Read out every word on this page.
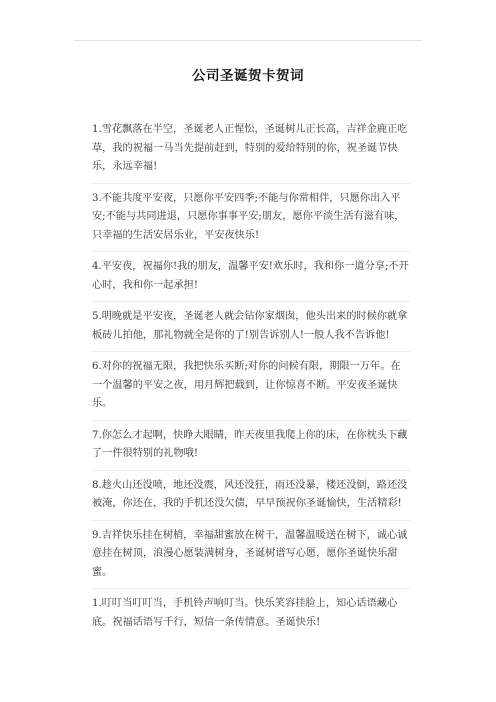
公司圣诞贺卡贺词
1.雪花飘落在半空，圣诞老人正惺忪，圣诞树儿正长高，吉祥金鹿正吃草，我的祝福一马当先提前赶到，特别的爱给特别的你，祝圣诞节快乐，永远幸福!
3.不能共度平安夜，只愿你平安四季;不能与你常相伴，只愿你出入平安;不能与共同进退，只愿你事事平安;朋友，愿你平淡生活有滋有味，只幸福的生活安居乐业，平安夜快乐!
4.平安夜，祝福你!我的朋友，温馨平安!欢乐时，我和你一道分享;不开心时，我和你一起承担!
5.明晚就是平安夜，圣诞老人就会钻你家烟囱，他头出来的时候你就拿板砖儿拍他，那礼物就全是你的了!别告诉别人!一般人我不告诉他!
6.对你的祝福无限，我把快乐买断;对你的问候有限，期限一万年。在一个温馨的平安之夜，用月辉把载到，让你惊喜不断。平安夜圣诞快乐。
7.你怎么才起啊，快睁大眼睛，昨天夜里我爬上你的床，在你枕头下藏了一件很特别的礼物哦!
8.趁火山还没喷，地还没震，风还没狂，雨还没暴，楼还没倒，路还没被淹，你还在，我的手机还没欠债，早早预祝你圣诞愉快，生活精彩!
9.吉祥快乐挂在树梢，幸福甜蜜放在树干，温馨温暖送在树下，诚心诚意挂在树顶，浪漫心愿装满树身，圣诞树谱写心愿，愿你圣诞快乐甜蜜。
1.叮叮当叮叮当，手机铃声响叮当。快乐笑容挂脸上，知心话语藏心底。祝福话语写千行，短信一条传情意。圣诞快乐!
